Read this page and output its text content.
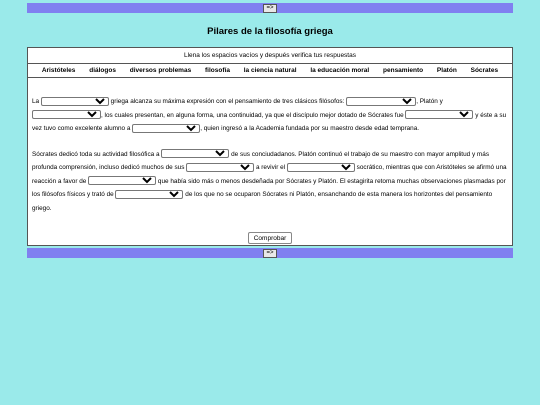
=>
Pilares de la filosofía griega
Llena los espacios vacíos y después verifica tus respuestas
Aristóteles diálogos diversos problemas filosofía la ciencia natural la educación moral pensamiento Platón Sócrates

La	griega alcanza su máxima expresión con el pensamiento de tres clásicos filósofos:	, Platón y
, los cuales presentan, en alguna forma, una continuidad, ya que el discípulo mejor dotado de Sócrates fue	y éste a su vez tuvo como excelente alumno a	, quien ingresó a la Academia fundada por su maestro desde edad temprana.

Sócrates dedicó toda su actividad filosófica a	de sus conciudadanos. Platón continuó el trabajo de su maestro con mayor amplitud y más profunda comprensión, incluso dedicó muchos de sus	a revivir el	socrático, mientras que con Aristóteles se afirmó una reacción a favor de	que había sido más o menos desdeñada por Sócrates y Platón. El estagirita retoma muchas observaciones plasmadas por los filósofos físicos y trató de	de los que no se ocuparon Sócrates ni Platón, ensanchando de esta manera los horizontes del pensamiento griego.

Comprobar
=>
